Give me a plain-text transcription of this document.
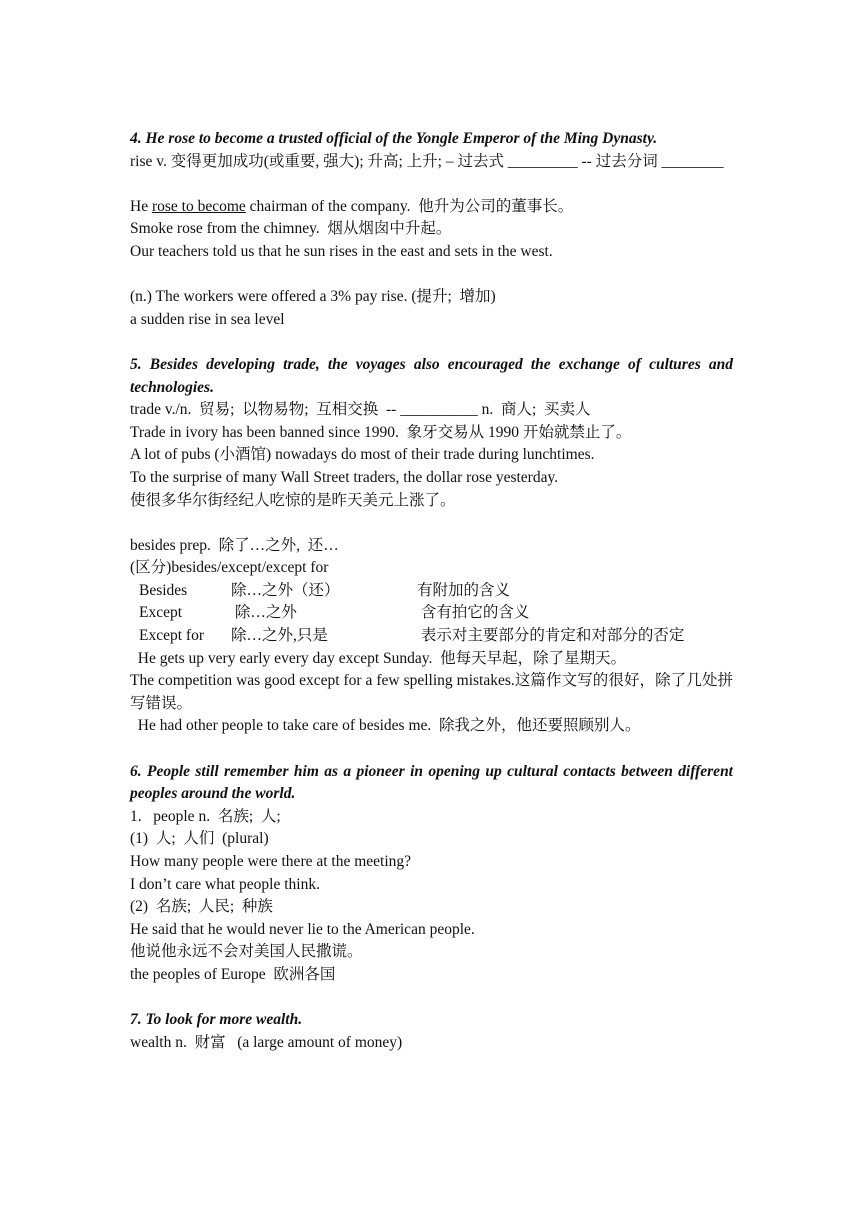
4. He rose to become a trusted official of the Yongle Emperor of the Ming Dynasty.
rise v. 变得更加成功(或重要, 强大); 升高; 上升; – 过去式 _________ -- 过去分词 ________
He rose to become chairman of the company.  他升为公司的董事长。
Smoke rose from the chimney.  烟从烟囱中升起。
Our teachers told us that he sun rises in the east and sets in the west.
(n.) The workers were offered a 3% pay rise. (提升;  增加)
a sudden rise in sea level
5. Besides developing trade, the voyages also encouraged the exchange of cultures and technologies.
trade v./n.  贸易;  以物易物;  互相交换  -- __________ n.  商人;  买卖人
Trade in ivory has been banned since 1990.  象牙交易从 1990 开始就禁止了。
A lot of pubs (小酒馆) nowadays do most of their trade during lunchtimes.
To the surprise of many Wall Street traders, the dollar rose yesterday.
使很多华尔街经纪人吃惊的是昨天美元上涨了。
besides prep.  除了…之外,  还…
(区分)besides/except/except for
Besides	除…之外（还）	有附加的含义
Except	除…之外	含有拍它的含义
Except for 除…之外,只是	表示对主要部分的肯定和对部分的否定
He gets up very early every day except Sunday.  他每天早起，除了星期天。
The competition was good except for a few spelling mistakes.这篇作文写的很好，除了几处拼写错误。
He had other people to take care of besides me.  除我之外，他还要照顾别人。
6. People still remember him as a pioneer in opening up cultural contacts between different peoples around the world.
1.   people n.  名族;  人;
(1)  人;  人们  (plural)
How many people were there at the meeting?
I don’t care what people think.
(2)  名族;  人民;  种族
He said that he would never lie to the American people.
他说他永远不会对美国人民撒谎。
the peoples of Europe  欧洲各国
7. To look for more wealth.
wealth n.  财富   (a large amount of money)
